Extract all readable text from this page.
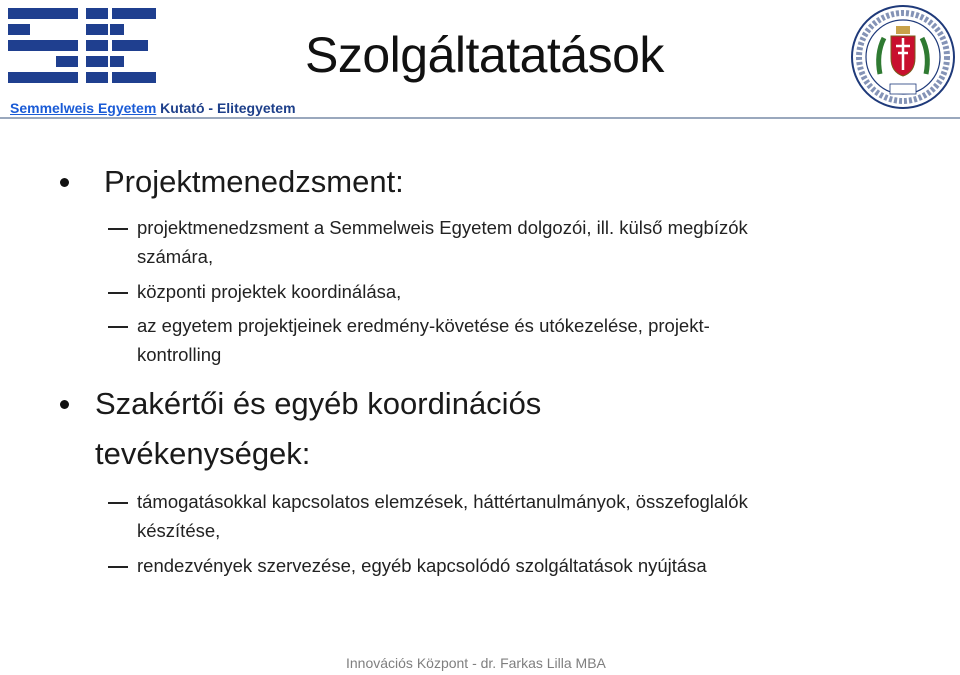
Semmelweis Egyetem Kutató - Elitegyetem
Szolgáltatatások
Projektmenedzsment:
projektmenedzsment a Semmelweis Egyetem dolgozói, ill. külső megbízók
számára,
központi projektek koordinálása,
az egyetem projektjeinek eredmény-követése és utókezelése, projekt-
kontrolling
Szakértői és egyéb koordinációs
tevékenységek:
támogatásokkal kapcsolatos elemzések, háttértanulmányok, összefoglalók
készítése,
rendezvények szervezése, egyéb kapcsolódó szolgáltatások nyújtása
Innovációs Központ - dr. Farkas Lilla MBA
